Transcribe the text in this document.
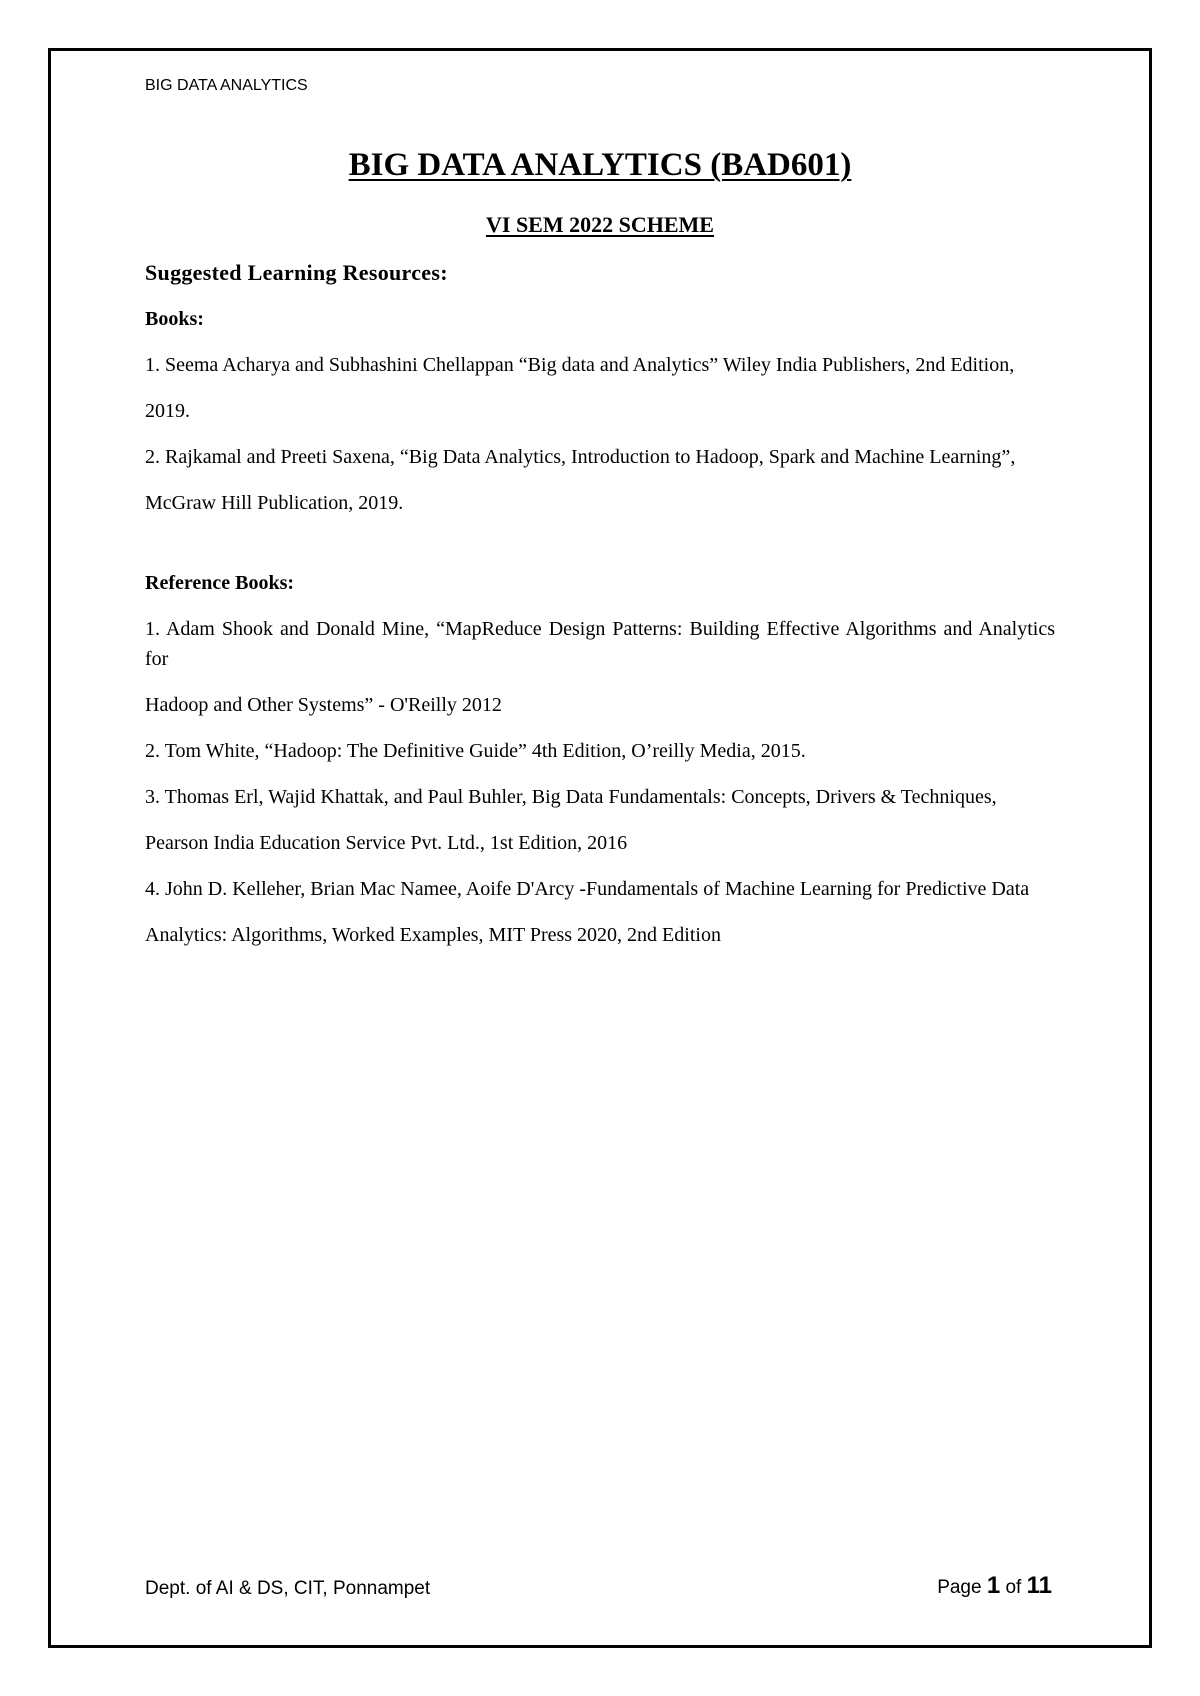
BIG DATA ANALYTICS
BIG DATA ANALYTICS (BAD601)
VI SEM 2022 SCHEME

Suggested Learning Resources:

Books:

1. Seema Acharya and Subhashini Chellappan “Big data and Analytics” Wiley India Publishers, 2nd Edition,

2019.

2. Rajkamal and Preeti Saxena, “Big Data Analytics, Introduction to Hadoop, Spark and Machine Learning”,

McGraw Hill Publication, 2019.

Reference Books:

1. Adam Shook and Donald Mine, “MapReduce Design Patterns: Building Effective Algorithms and Analytics for

Hadoop and Other Systems” - O'Reilly 2012

2. Tom White, “Hadoop: The Definitive Guide” 4th Edition, O’reilly Media, 2015.

3. Thomas Erl, Wajid Khattak, and Paul Buhler, Big Data Fundamentals: Concepts, Drivers & Techniques,

Pearson India Education Service Pvt. Ltd., 1st Edition, 2016

4. John D. Kelleher, Brian Mac Namee, Aoife D'Arcy -Fundamentals of Machine Learning for Predictive Data

Analytics: Algorithms, Worked Examples, MIT Press 2020, 2nd Edition

Dept. of AI & DS, CIT, Ponnampet	Page 1 of 11
